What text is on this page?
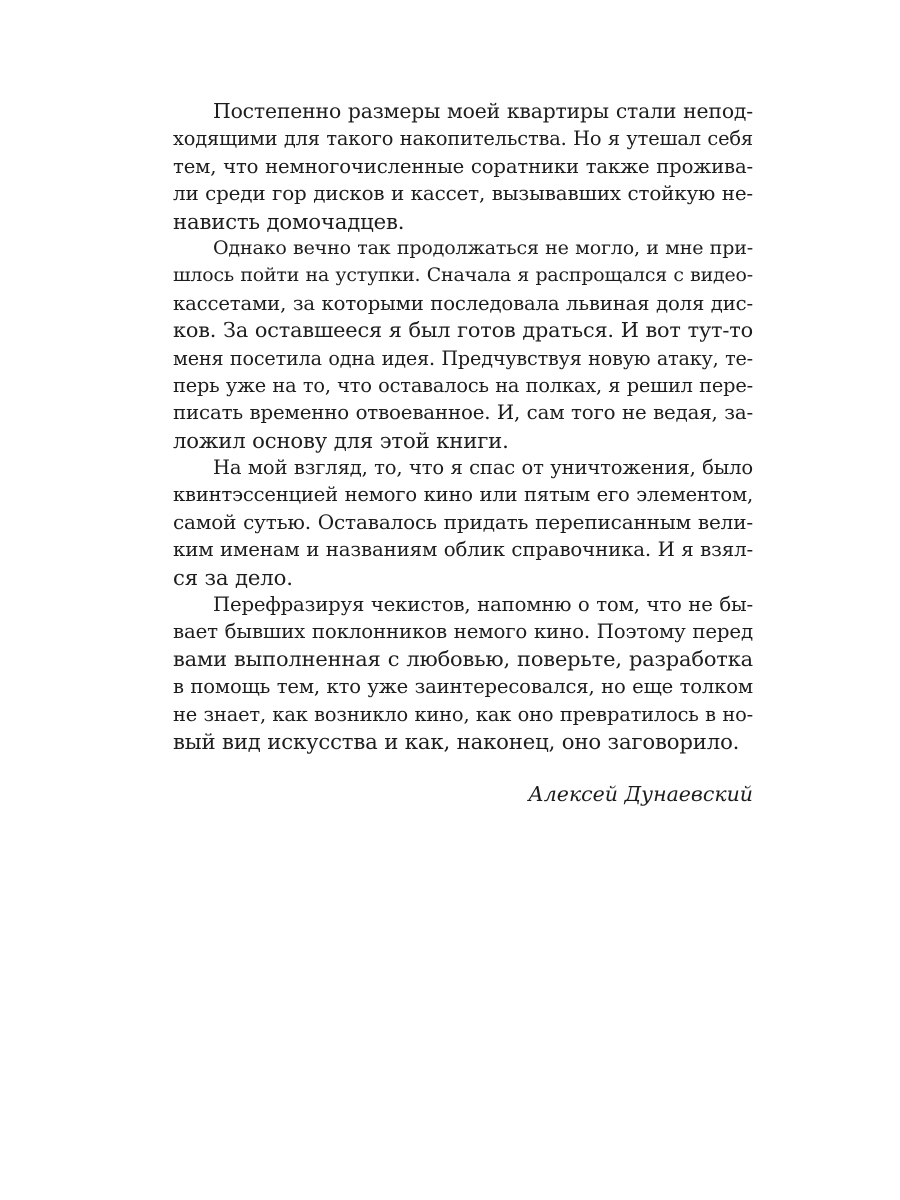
Постепенно размеры моей квартиры стали непод-
ходящими для такого накопительства. Но я утешал себя
тем, что немногочисленные соратники также прожива-
ли среди гор дисков и кассет, вызывавших стойкую не-
нависть домочадцев.
Однако вечно так продолжаться не могло, и мне при-
шлось пойти на уступки. Сначала я распрощался с видео-
кассетами, за которыми последовала львиная доля дис-
ков. За оставшееся я был готов драться. И вот тут-то
меня посетила одна идея. Предчувствуя новую атаку, те-
перь уже на то, что оставалось на полках, я решил пере-
писать временно отвоеванное. И, сам того не ведая, за-
ложил основу для этой книги.
На мой взгляд, то, что я спас от уничтожения, было
квинтэссенцией немого кино или пятым его элементом,
самой сутью. Оставалось придать переписанным вели-
ким именам и названиям облик справочника. И я взял-
ся за дело.
Перефразируя чекистов, напомню о том, что не бы-
вает бывших поклонников немого кино. Поэтому перед
вами выполненная с любовью, поверьте, разработка
в помощь тем, кто уже заинтересовался, но еще толком
не знает, как возникло кино, как оно превратилось в но-
вый вид искусства и как, наконец, оно заговорило.
Алексей Дунаевский
